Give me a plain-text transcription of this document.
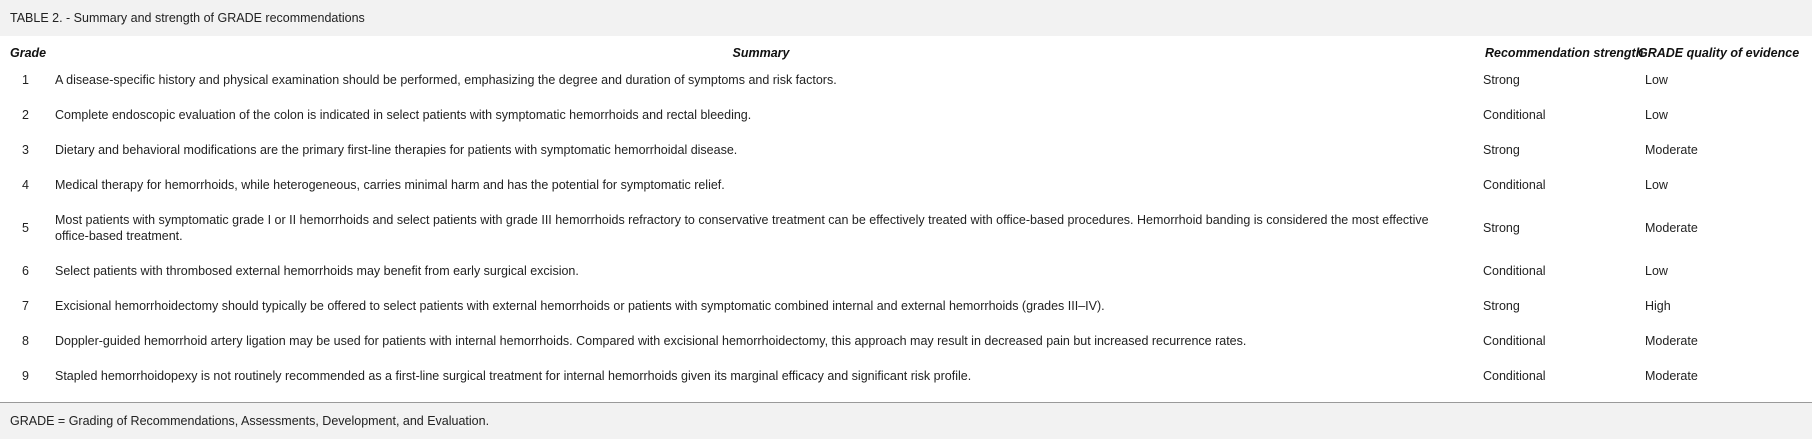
TABLE 2. - Summary and strength of GRADE recommendations
Grade	Summary	Recommendation strength	GRADE quality of evidence
1	A disease-specific history and physical examination should be performed, emphasizing the degree and duration of symptoms and risk factors.	Strong	Low
2	Complete endoscopic evaluation of the colon is indicated in select patients with symptomatic hemorrhoids and rectal bleeding.	Conditional	Low
3	Dietary and behavioral modifications are the primary first-line therapies for patients with symptomatic hemorrhoidal disease.	Strong	Moderate
4	Medical therapy for hemorrhoids, while heterogeneous, carries minimal harm and has the potential for symptomatic relief.	Conditional	Low
5	Most patients with symptomatic grade I or II hemorrhoids and select patients with grade III hemorrhoids refractory to conservative treatment can be effectively treated with office-based procedures. Hemorrhoid banding is considered the most effective office-based treatment.	Strong	Moderate
6	Select patients with thrombosed external hemorrhoids may benefit from early surgical excision.	Conditional	Low
7	Excisional hemorrhoidectomy should typically be offered to select patients with external hemorrhoids or patients with symptomatic combined internal and external hemorrhoids (grades III–IV).	Strong	High
8	Doppler-guided hemorrhoid artery ligation may be used for patients with internal hemorrhoids. Compared with excisional hemorrhoidectomy, this approach may result in decreased pain but increased recurrence rates.	Conditional	Moderate
9	Stapled hemorrhoidopexy is not routinely recommended as a first-line surgical treatment for internal hemorrhoids given its marginal efficacy and significant risk profile.	Conditional	Moderate
GRADE = Grading of Recommendations, Assessments, Development, and Evaluation.
